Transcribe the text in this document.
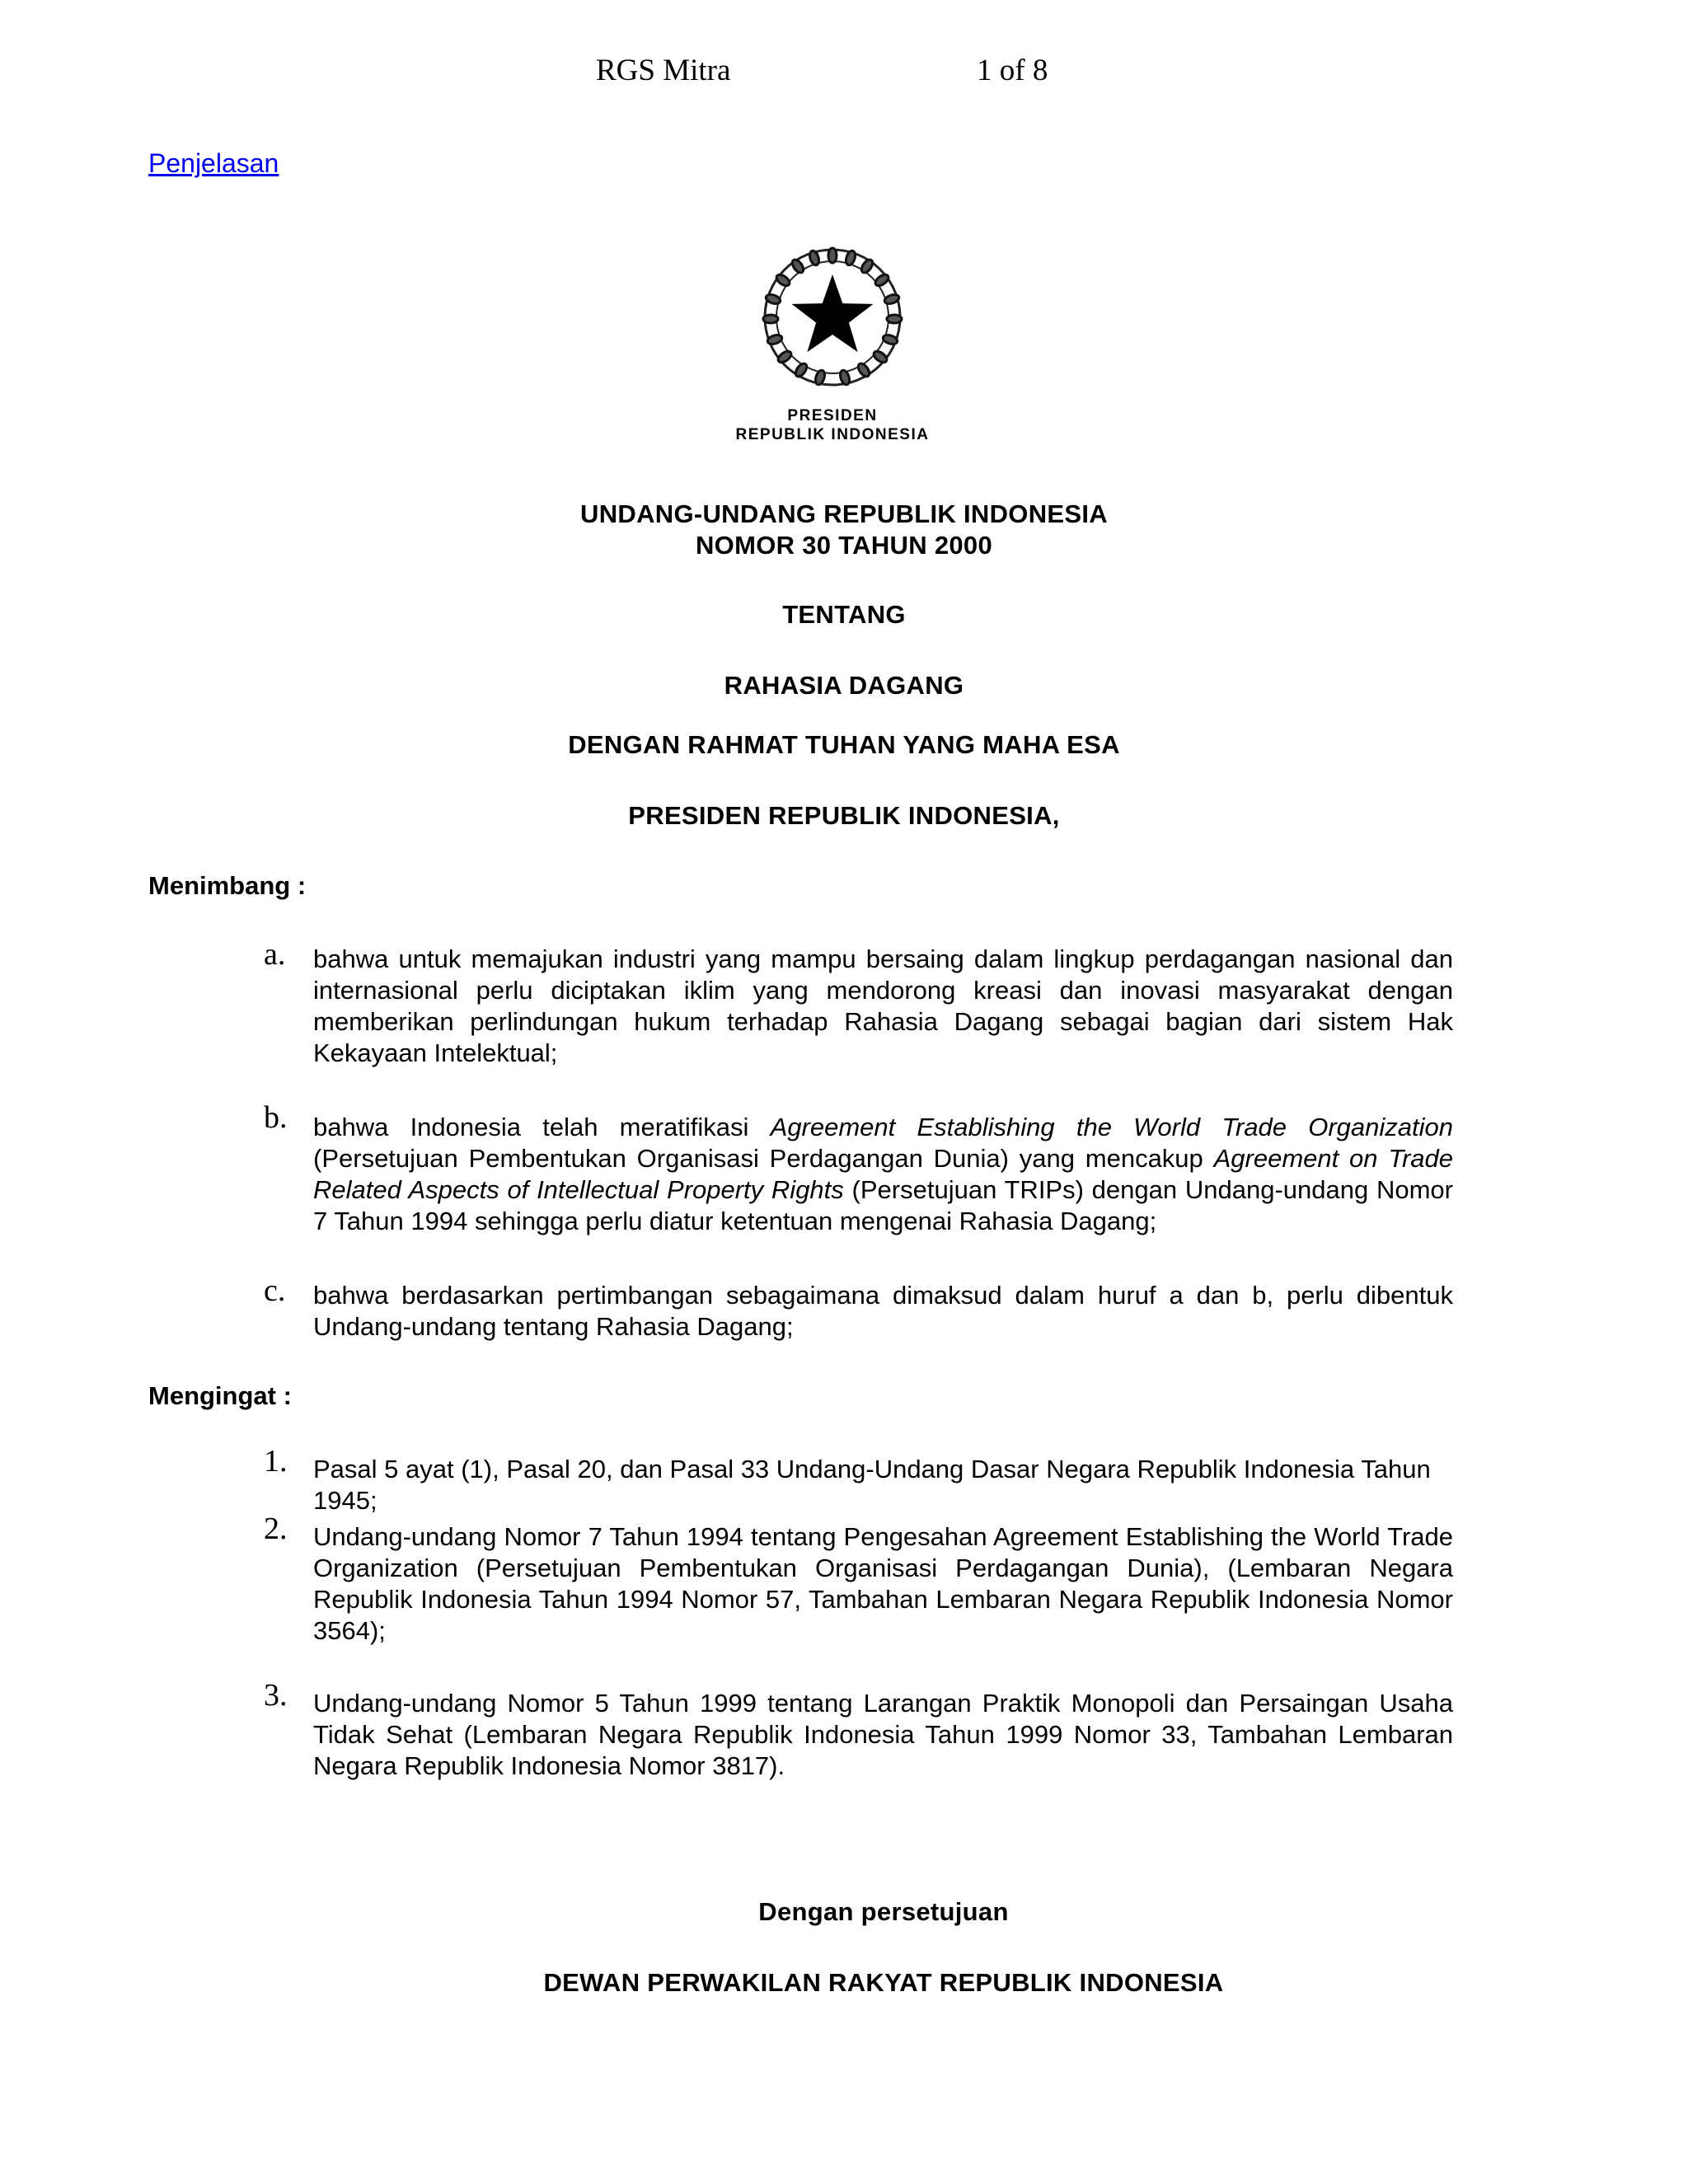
RGS Mitra	1 of 8
Penjelasan
PRESIDEN
REPUBLIK INDONESIA
UNDANG-UNDANG REPUBLIK INDONESIA
NOMOR 30 TAHUN 2000
TENTANG
RAHASIA DAGANG
DENGAN RAHMAT TUHAN YANG MAHA ESA
PRESIDEN REPUBLIK INDONESIA,
Menimbang :
a. bahwa untuk memajukan industri yang mampu bersaing dalam lingkup perdagangan nasional dan internasional perlu diciptakan iklim yang mendorong kreasi dan inovasi masyarakat dengan memberikan perlindungan hukum terhadap Rahasia Dagang sebagai bagian dari sistem Hak Kekayaan Intelektual;
b. bahwa Indonesia telah meratifikasi Agreement Establishing the World Trade Organization (Persetujuan Pembentukan Organisasi Perdagangan Dunia) yang mencakup Agreement on Trade Related Aspects of Intellectual Property Rights (Persetujuan TRIPs) dengan Undang-undang Nomor 7 Tahun 1994 sehingga perlu diatur ketentuan mengenai Rahasia Dagang;
c. bahwa berdasarkan pertimbangan sebagaimana dimaksud dalam huruf a dan b, perlu dibentuk Undang-undang tentang Rahasia Dagang;
Mengingat :
1. Pasal 5 ayat (1), Pasal 20, dan Pasal 33 Undang-Undang Dasar Negara Republik Indonesia Tahun 1945;
2. Undang-undang Nomor 7 Tahun 1994 tentang Pengesahan Agreement Establishing the World Trade Organization (Persetujuan Pembentukan Organisasi Perdagangan Dunia), (Lembaran Negara Republik Indonesia Tahun 1994 Nomor 57, Tambahan Lembaran Negara Republik Indonesia Nomor 3564);
3. Undang-undang Nomor 5 Tahun 1999 tentang Larangan Praktik Monopoli dan Persaingan Usaha Tidak Sehat (Lembaran Negara Republik Indonesia Tahun 1999 Nomor 33, Tambahan Lembaran Negara Republik Indonesia Nomor 3817).
Dengan persetujuan
DEWAN PERWAKILAN RAKYAT REPUBLIK INDONESIA
